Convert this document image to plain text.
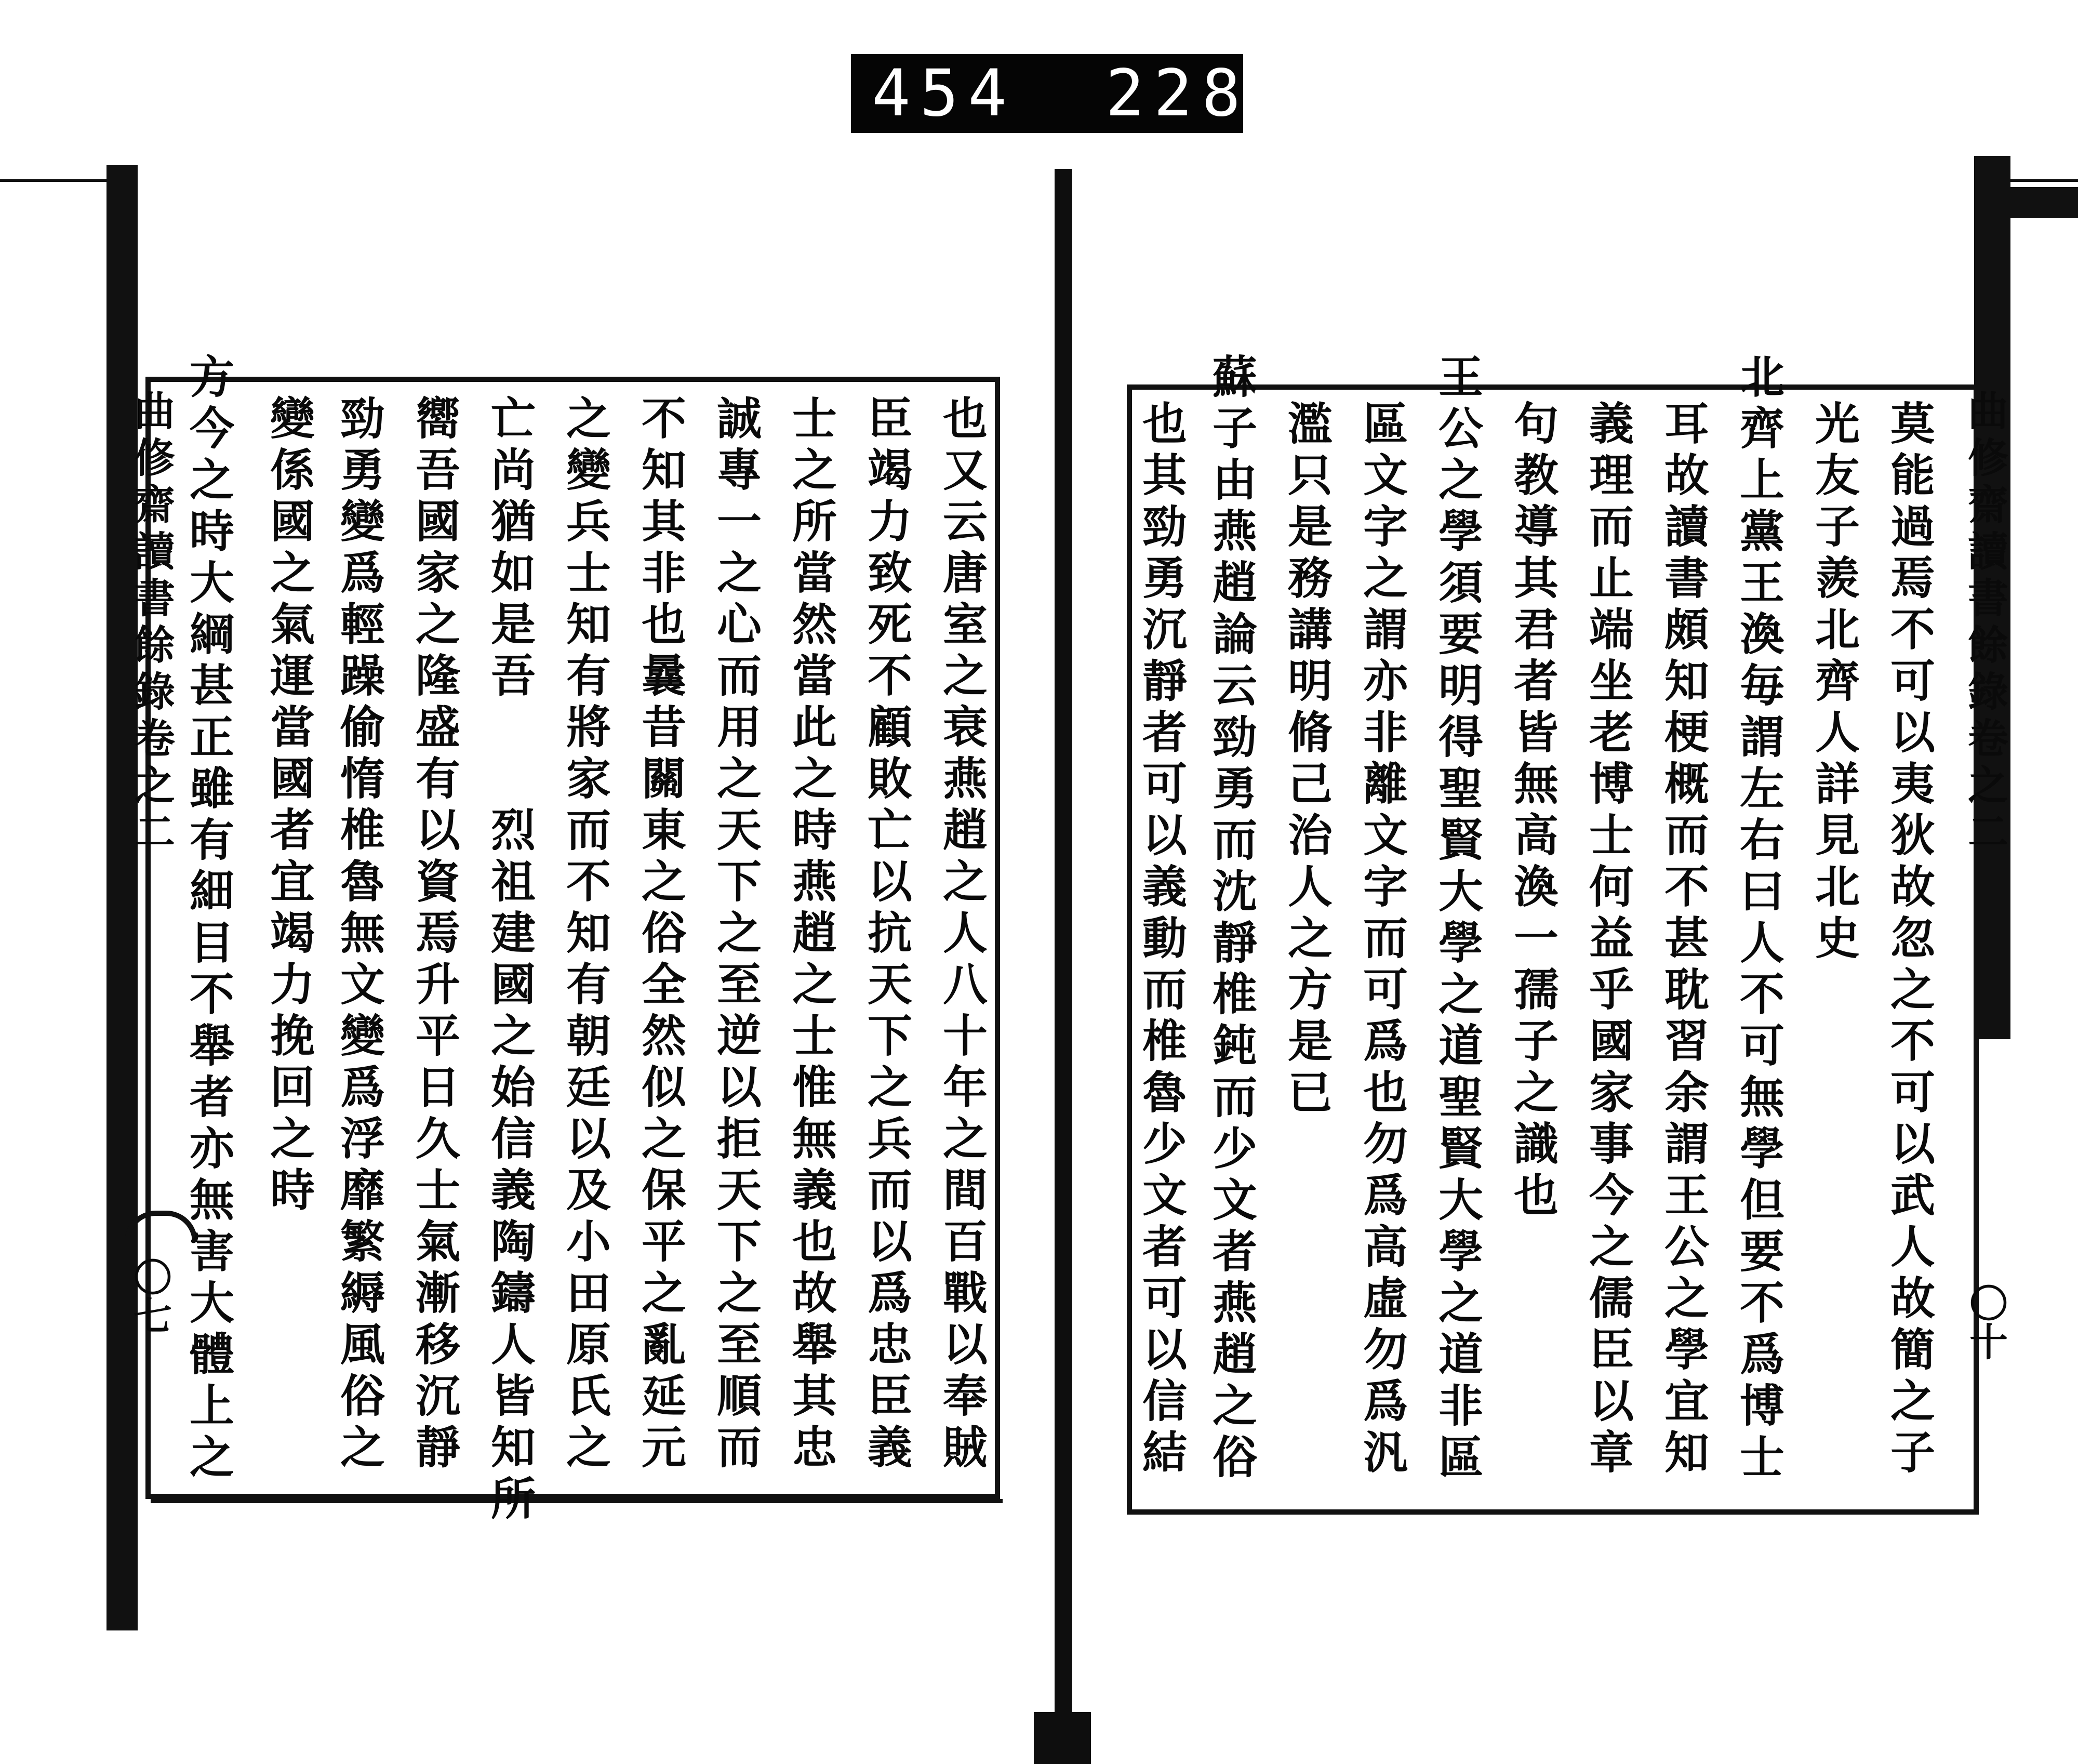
454 228.
曲修齋讀書餘錄卷之二
〇七	也又云唐室之衰燕趙之人八十年之間百戰以奉賊
臣竭力致死不顧敗亡以抗天下之兵而以爲忠臣義
士之所當然當此之時燕趙之士惟無義也故舉其忠
誠專一之心而用之天下之至逆以拒天下之至順而
不知其非也曩昔關東之俗全然似之保平之亂延元
之變兵士知有將家而不知有朝廷以及小田原氏之
亡尚猶如是吾　　烈祖建國之始信義陶鑄人皆知所
嚮吾國家之隆盛有以資焉升平日久士氣漸移沉靜
勁勇變爲輕躁偷惰椎魯無文變爲浮靡繁縟風俗之
變係國之氣運當國者宜竭力挽回之時
方今之時大綱甚正雖有細目不舉者亦無害大體上之	曲修齋讀書餘錄卷之二
〇十
莫能過焉不可以夷狄故忽之不可以武人故簡之子
光友子羨北齊人詳見北史
北齊上黨王渙毎謂左右曰人不可無學但要不爲博士
耳故讀書頗知梗概而不甚耽習余謂王公之學宜知
義理而止端坐老博士何益乎國家事今之儒臣以章
句教導其君者皆無高渙一孺子之識也
王公之學須要明得聖賢大學之道聖賢大學之道非區
區文字之謂亦非離文字而可爲也勿爲高虛勿爲汎
濫只是務講明脩己治人之方是已
蘇子由燕趙論云勁勇而沈靜椎鈍而少文者燕趙之俗
也其勁勇沉靜者可以義動而椎魯少文者可以信結
